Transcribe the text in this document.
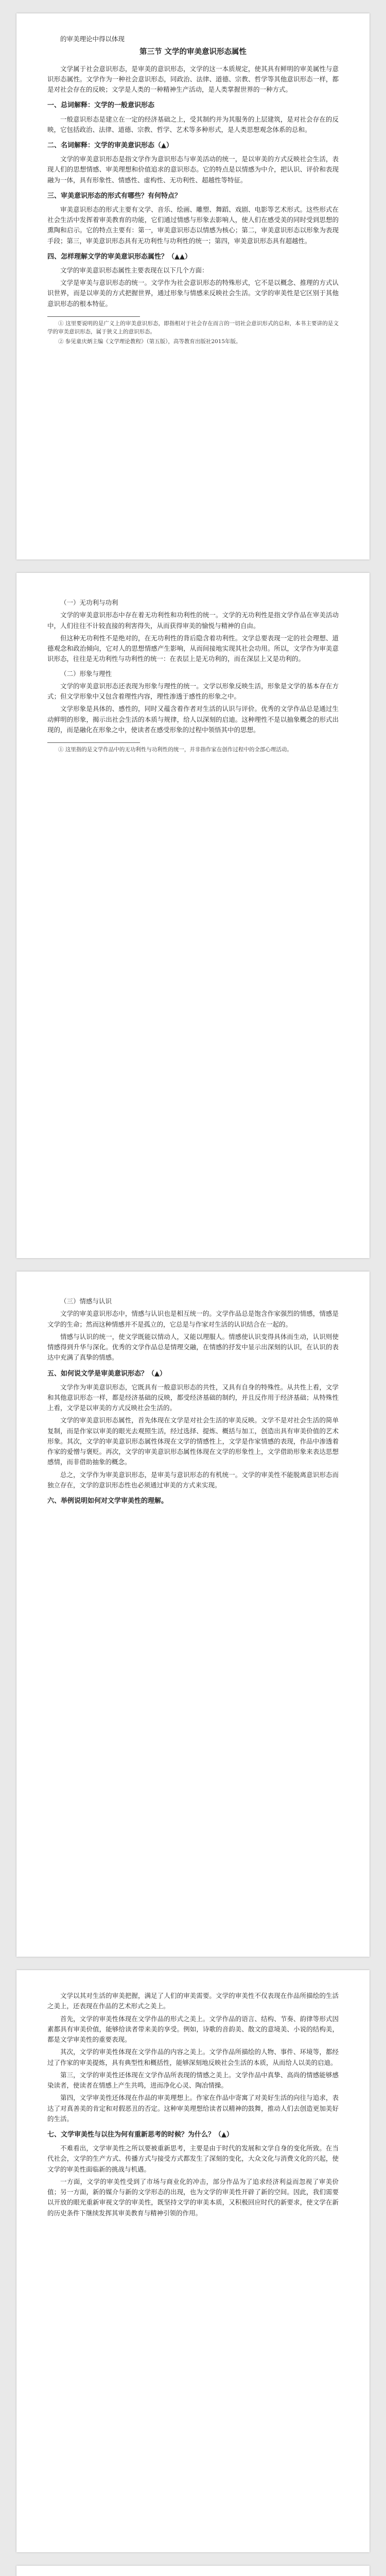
的审美理论中得以体现

第三节 文学的审美意识形态属性

文学属于社会意识形态，是审美的意识形态，文学的这一本质规定，使其具有鲜明的审美属性与意识形态属性。文学作为一种社会意识形态，同政治、法律、道德、宗教、哲学等其他意识形态一样，都是对社会存在的反映；文学是人类的一种精神生产活动，是人类掌握世界的一种方式。

一、总词解释：文学的一般意识形态

一般意识形态是建立在一定的经济基础之上，受其制约并为其服务的上层建筑，是对社会存在的反映，它包括政治、法律、道德、宗教、哲学、艺术等多种形式，是人类思想观念体系的总和。

二、名词解释：文学的审美意识形态（▲）

文学的审美意识形态是指文学作为意识形态与审美活动的统一，是以审美的方式反映社会生活，表现人们的思想情感、审美理想和价值追求的意识形态。它的特点是以情感为中介，把认识、评价和表现融为一体，具有形象性、情感性、虚构性、无功利性、超越性等特征。

三、审美意识形态的形式有哪些？有何特点？

审美意识形态的形式主要有文学、音乐、绘画、雕塑、舞蹈、戏剧、电影等艺术形式。这些形式在社会生活中发挥着审美教育的功能，它们通过情感与形象去影响人，使人们在感受美的同时受到思想的熏陶和启示。它的特点主要有：第一，审美意识形态以情感为核心；第二，审美意识形态以形象为表现手段；第三，审美意识形态具有无功利性与功利性的统一；第四，审美意识形态具有超越性。

四、怎样理解文学的审美意识形态属性？（▲▲）

文学的审美意识形态属性主要表现在以下几个方面：

文学是审美与意识形态的统一。文学作为社会意识形态的特殊形式，它不是以概念、推理的方式认识世界，而是以审美的方式把握世界，通过形象与情感来反映社会生活。文学的审美性是它区别于其他意识形态的根本特征。

① 这里要说明的是广义上的审美意识形态，即指相对于社会存在而言的一切社会意识形式的总和，本书主要讲的是文学的审美意识形态，属于狭义上的意识形态。

② 参见童庆炳主编《文学理论教程》（第五版），高等教育出版社2015年版。

（一）无功利与功利

文学的审美意识形态中存在着无功利性和功利性的统一。文学的无功利性是指文学作品在审美活动中，人们往往不计较直接的利害得失，从而获得审美的愉悦与精神的自由。

但这种无功利性不是绝对的，在无功利性的背后隐含着功利性。文学总要表现一定的社会理想、道德观念和政治倾向，它对人的思想情感产生影响，从而间接地实现其社会功用。所以，文学作为审美意识形态，往往是无功利性与功利性的统一：在表层上是无功利的，而在深层上又是功利的。

（二）形象与理性

文学的审美意识形态还表现为形象与理性的统一。文学以形象反映生活，形象是文学的基本存在方式；但文学形象中又包含着理性内容，理性渗透于感性的形象之中。

文学形象是具体的、感性的，同时又蕴含着作者对生活的认识与评价。优秀的文学作品总是通过生动鲜明的形象，揭示出社会生活的本质与规律，给人以深刻的启迪。这种理性不是以抽象概念的形式出现的，而是融化在形象之中，使读者在感受形象的过程中领悟其中的思想。

① 这里指的是文学作品中的无功利性与功利性的统一，并非指作家在创作过程中的全部心理活动。

（三）情感与认识

文学的审美意识形态中，情感与认识也是相互统一的。文学作品总是饱含作家强烈的情感，情感是文学的生命；然而这种情感并不是孤立的，它总是与作家对生活的认识结合在一起的。

情感与认识的统一，使文学既能以情动人，又能以理服人。情感使认识变得具体而生动，认识则使情感得到升华与深化。优秀的文学作品总是情理交融，在情感的抒发中显示出深刻的认识，在认识的表达中充满了真挚的情感。

五、如何说文学是审美意识形态？（▲）

文学作为审美意识形态，它既具有一般意识形态的共性，又具有自身的特殊性。从共性上看，文学和其他意识形态一样，都是经济基础的反映，都受经济基础的制约，并且反作用于经济基础；从特殊性上看，文学是以审美的方式反映社会生活的。

文学的审美意识形态属性，首先体现在文学是对社会生活的审美反映。文学不是对社会生活的简单复制，而是作家以审美的眼光去观照生活，经过选择、提炼、概括与加工，创造出具有审美价值的艺术形象。其次，文学的审美意识形态属性体现在文学的情感性上，文学是作家情感的表现，作品中渗透着作家的爱憎与褒贬。再次，文学的审美意识形态属性体现在文学的形象性上，文学借助形象来表达思想感情，而非借助抽象的概念。

总之，文学作为审美意识形态，是审美与意识形态的有机统一。文学的审美性不能脱离意识形态而独立存在，文学的意识形态性也必须通过审美的方式来实现。

六、举例说明如何对文学审美性的理解。

文学以其对生活的审美把握，满足了人们的审美需要。文学的审美性不仅表现在作品所描绘的生活之美上，还表现在作品的艺术形式之美上。

首先，文学的审美性体现在文学作品的形式之美上。文学作品的语言、结构、节奏、韵律等形式因素都具有审美价值，能够给读者带来美的享受。例如，诗歌的音韵美、散文的意境美、小说的结构美，都是文学审美性的重要表现。

其次，文学的审美性体现在文学作品的内容之美上。文学作品所描绘的人物、事件、环境等，都经过了作家的审美提炼，具有典型性和概括性，能够深刻地反映社会生活的本质，从而给人以美的启迪。

第三，文学的审美性还体现在文学作品所表现的情感之美上。文学作品中真挚、高尚的情感能够感染读者，使读者在情感上产生共鸣，进而净化心灵、陶冶情操。

第四，文学审美性还体现在作品的审美理想上。作家在作品中寄寓了对美好生活的向往与追求，表达了对真善美的肯定和对假恶丑的否定。这种审美理想给读者以精神的鼓舞，推动人们去创造更加美好的生活。

七、文学审美性与以往为何有重新思考的时候？为什么？（▲）

不难看出，文学审美性之所以要被重新思考，主要是由于时代的发展和文学自身的变化所致。在当代社会，文学的生产方式、传播方式与接受方式都发生了深刻的变化，大众文化与消费文化的兴起，使文学的审美性面临新的挑战与机遇。

一方面，文学的审美性受到了市场与商业化的冲击，部分作品为了追求经济利益而忽视了审美价值；另一方面，新的媒介与新的文学形态的出现，也为文学的审美性开辟了新的空间。因此，我们需要以开放的眼光重新审视文学的审美性，既坚持文学的审美本质，又积极回应时代的新要求，使文学在新的历史条件下继续发挥其审美教育与精神引领的作用。
